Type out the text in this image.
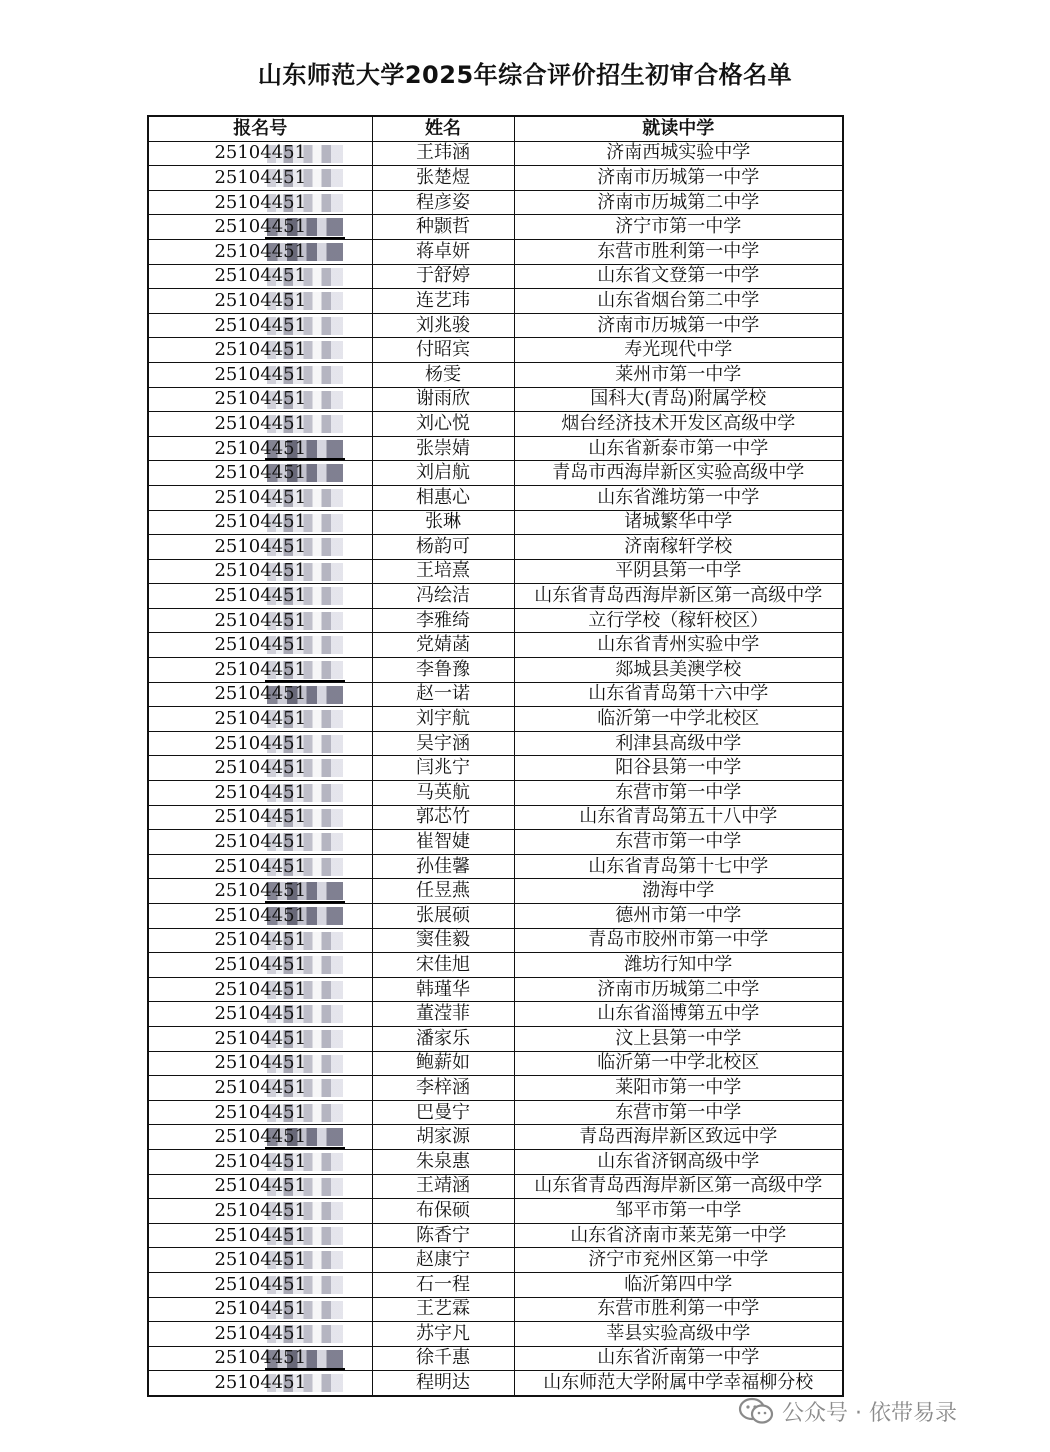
山东师范大学2025年综合评价招生初审合格名单
报名号	姓名	就读中学
25104451	王玮涵	济南西城实验中学
25104451	张楚煜	济南市历城第一中学
25104451	程彦姿	济南市历城第二中学
25104451	种颢哲	济宁市第一中学
25104451	蒋卓妍	东营市胜利第一中学
25104451	于舒婷	山东省文登第一中学
25104451	连艺玮	山东省烟台第二中学
25104451	刘兆骏	济南市历城第一中学
25104451	付昭宾	寿光现代中学
25104451	杨雯	莱州市第一中学
25104451	谢雨欣	国科大(青岛)附属学校
25104451	刘心悦	烟台经济技术开发区高级中学
25104451	张崇婧	山东省新泰市第一中学
25104451	刘启航	青岛市西海岸新区实验高级中学
25104451	相惠心	山东省潍坊第一中学
25104451	张琳	诸城繁华中学
25104451	杨韵可	济南稼轩学校
25104451	王培熹	平阴县第一中学
25104451	冯绘洁	山东省青岛西海岸新区第一高级中学
25104451	李雅绮	立行学校（稼轩校区）
25104451	党婧菡	山东省青州实验中学
25104451	李鲁豫	郯城县美澳学校
25104451	赵一诺	山东省青岛第十六中学
25104451	刘宇航	临沂第一中学北校区
25104451	吴宇涵	利津县高级中学
25104451	闫兆宁	阳谷县第一中学
25104451	马英航	东营市第一中学
25104451	郭芯竹	山东省青岛第五十八中学
25104451	崔智婕	东营市第一中学
25104451	孙佳馨	山东省青岛第十七中学
25104451	任昱燕	渤海中学
25104451	张展硕	德州市第一中学
25104451	窦佳毅	青岛市胶州市第一中学
25104451	宋佳旭	潍坊行知中学
25104451	韩瑾华	济南市历城第二中学
25104451	董滢菲	山东省淄博第五中学
25104451	潘家乐	汶上县第一中学
25104451	鲍薪如	临沂第一中学北校区
25104451	李梓涵	莱阳市第一中学
25104451	巴曼宁	东营市第一中学
25104451	胡家源	青岛西海岸新区致远中学
25104451	朱泉惠	山东省济钢高级中学
25104451	王靖涵	山东省青岛西海岸新区第一高级中学
25104451	布保硕	邹平市第一中学
25104451	陈香宁	山东省济南市莱芜第一中学
25104451	赵康宁	济宁市兖州区第一中学
25104451	石一程	临沂第四中学
25104451	王艺霖	东营市胜利第一中学
25104451	苏宇凡	莘县实验高级中学
25104451	徐千惠	山东省沂南第一中学
25104451	程明达	山东师范大学附属中学幸福柳分校
公众号 · 依带易录
